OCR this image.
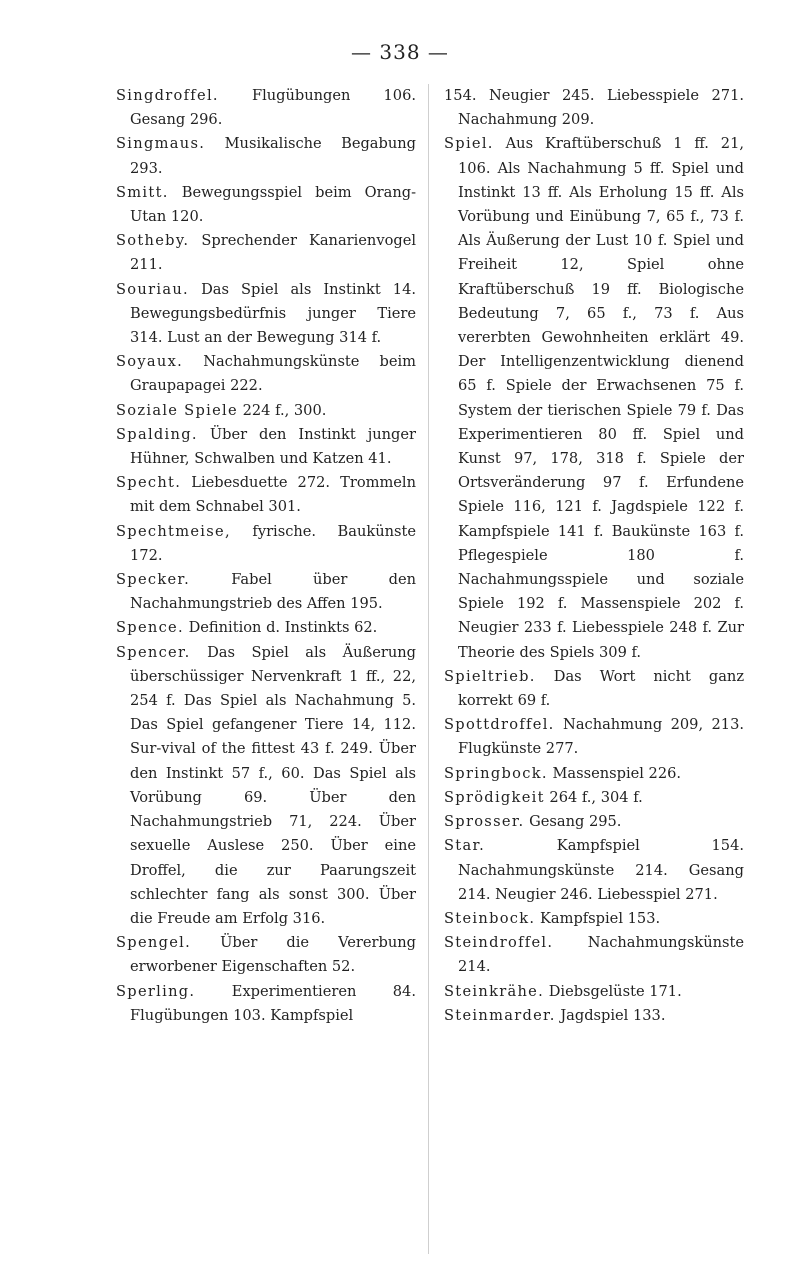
— 338 —

Singdroffel. Flugübungen 106. Gesang 296.

Singmaus. Musikalische Begabung 293.

Smitt. Bewegungsspiel beim Orang-Utan 120.

Sotheby. Sprechender Kanarienvogel 211.

Souriau. Das Spiel als Instinkt 14. Bewegungsbedürfnis junger Tiere 314. Lust an der Bewegung 314 f.

Soyaux. Nachahmungskünste beim Graupapagei 222.

Soziale Spiele 224 f., 300.

Spalding. Über den Instinkt junger Hühner, Schwalben und Katzen 41.

Specht. Liebesduette 272. Trommeln mit dem Schnabel 301.

Spechtmeise, fyrische. Baukünste 172.

Specker.	Fabel über den Nachahmungstrieb des Affen 195.

Spence. Definition d. Instinkts 62.

Spencer. Das Spiel als Äußerung überschüssiger Nervenkraft 1 ff., 22, 254 f. Das Spiel als Nachahmung 5. Das Spiel gefangener Tiere 14, 112. Sur-vival of the fittest 43 f. 249. Über den Instinkt 57 f., 60. Das Spiel als Vorübung 69. Über den Nachahmungstrieb 71, 224. Über sexuelle Auslese 250. Über eine Droffel, die zur Paarungszeit schlechter fang als sonst 300. Über die Freude am Erfolg 316.

Spengel. Über die Vererbung erworbener Eigenschaften 52.

Sperling. Experimentieren 84. Flugübungen 103. Kampfspiel

154. Neugier 245. Liebesspiele 271. Nachahmung 209.

Spiel. Aus Kraftüberschuß 1 ff. 21, 106. Als Nachahmung 5 ff. Spiel und Instinkt 13 ff. Als Erholung 15 ff. Als Vorübung und Einübung 7, 65 f., 73 f. Als Äußerung der Lust 10 f. Spiel und Freiheit 12, Spiel ohne Kraftüberschuß 19 ff. Biologische Bedeutung 7, 65 f., 73 f. Aus vererbten Gewohnheiten erklärt 49. Der Intelligenzentwicklung dienend 65 f. Spiele der Erwachsenen 75 f. System der tierischen Spiele 79 f. Das Experimentieren 80 ff. Spiel und Kunst 97, 178, 318 f. Spiele der Ortsveränderung 97 f. Erfundene Spiele 116, 121 f. Jagdspiele 122 f. Kampfspiele 141 f. Baukünste 163 f. Pflegespiele 180 f. Nachahmungsspiele und soziale Spiele 192 f. Massenspiele 202 f. Neugier 233 f. Liebesspiele 248 f. Zur Theorie des Spiels 309 f.

Spieltrieb. Das Wort nicht ganz korrekt 69 f.

Spottdroffel. Nachahmung 209, 213. Flugkünste 277.

Springbock. Massenspiel 226.

Sprödigkeit 264 f., 304 f.

Sprosser. Gesang 295.

Star.	Kampfspiel 154. Nachahmungskünste 214. Gesang 214. Neugier 246. Liebesspiel 271.

Steinbock. Kampfspiel 153.

Steindroffel. Nachahmungskünste 214.

Steinkrähe. Diebsgelüste 171.

Steinmarder. Jagdspiel 133.
